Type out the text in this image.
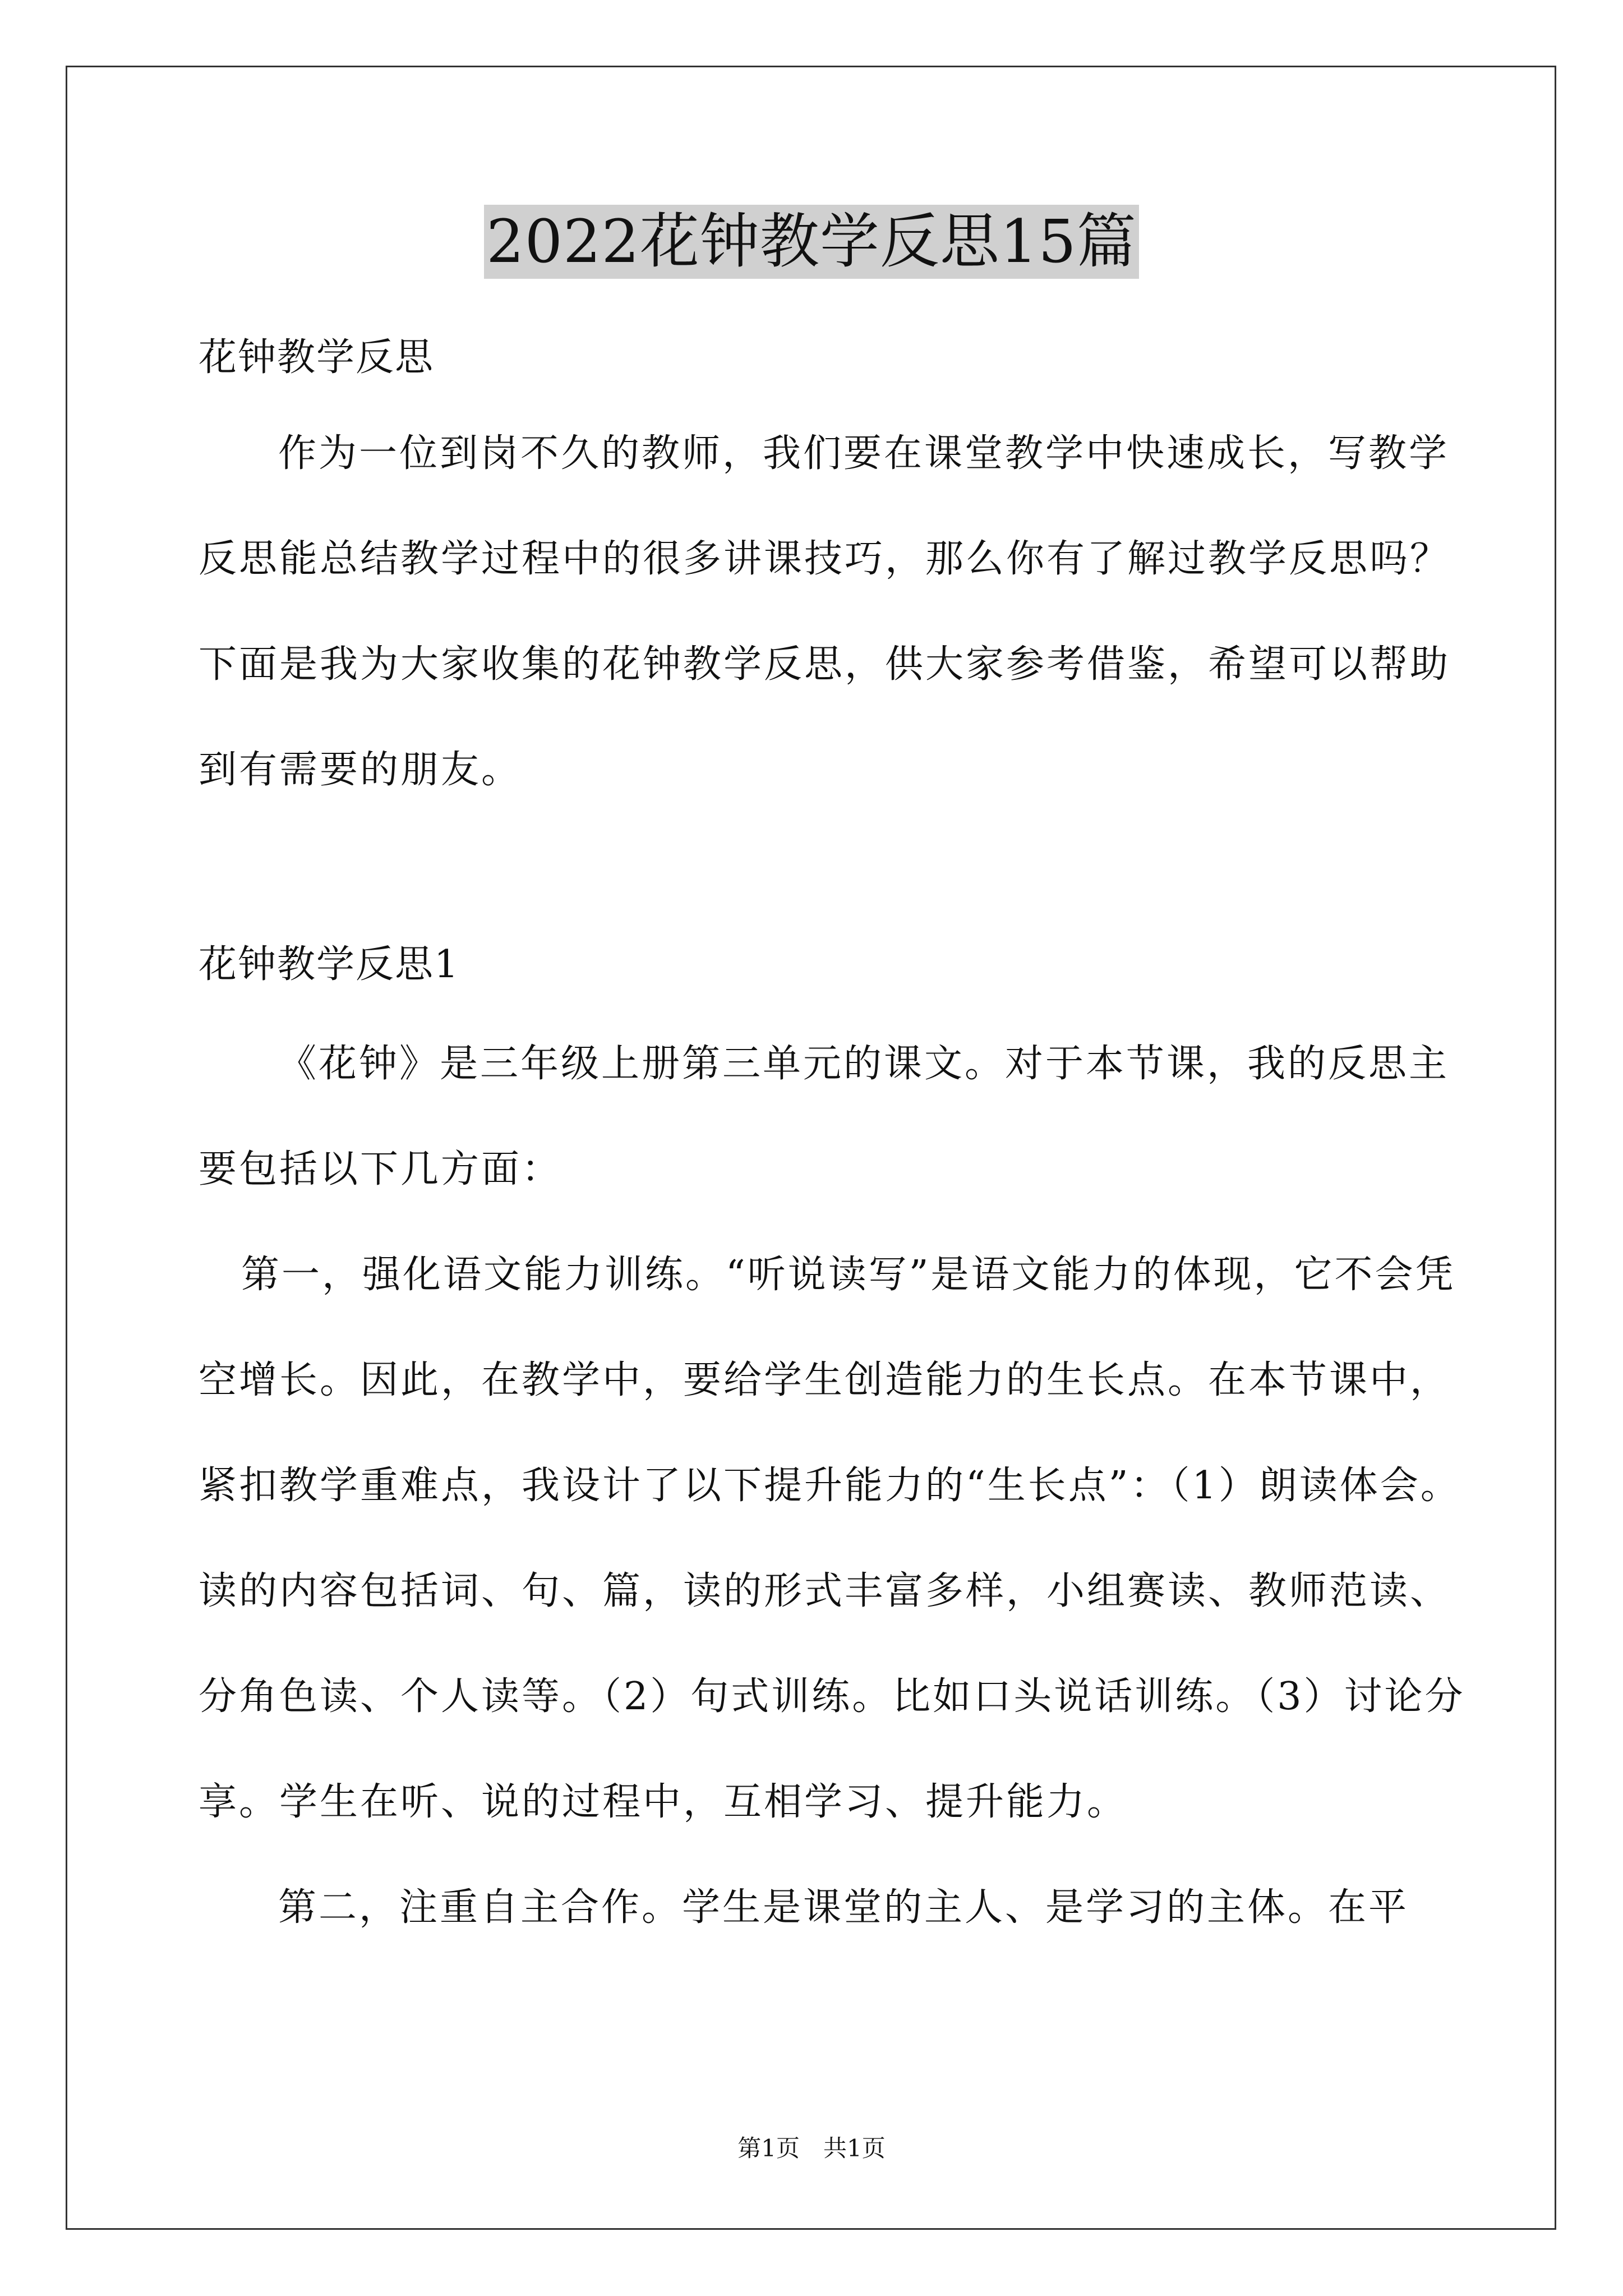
2022花钟教学反思15篇
花钟教学反思

作为一位到岗不久的教师，我们要在课堂教学中快速成长，写教学反思能总结教学过程中的很多讲课技巧，那么你有了解过教学反思吗？下面是我为大家收集的花钟教学反思，供大家参考借鉴，希望可以帮助到有需要的朋友。

花钟教学反思1

《花钟》是三年级上册第三单元的课文。对于本节课，我的反思主要包括以下几方面：

第一，强化语文能力训练。“听说读写”是语文能力的体现，它不会凭空增长。因此，在教学中，要给学生创造能力的生长点。在本节课中，紧扣教学重难点，我设计了以下提升能力的“生长点”：（1）朗读体会。读的内容包括词、句、篇，读的形式丰富多样，小组赛读、教师范读、分角色读、个人读等。（2）句式训练。比如口头说话训练。（3）讨论分享。学生在听、说的过程中，互相学习、提升能力。

第二，注重自主合作。学生是课堂的主人、是学习的主体。在平

第1页　共1页
